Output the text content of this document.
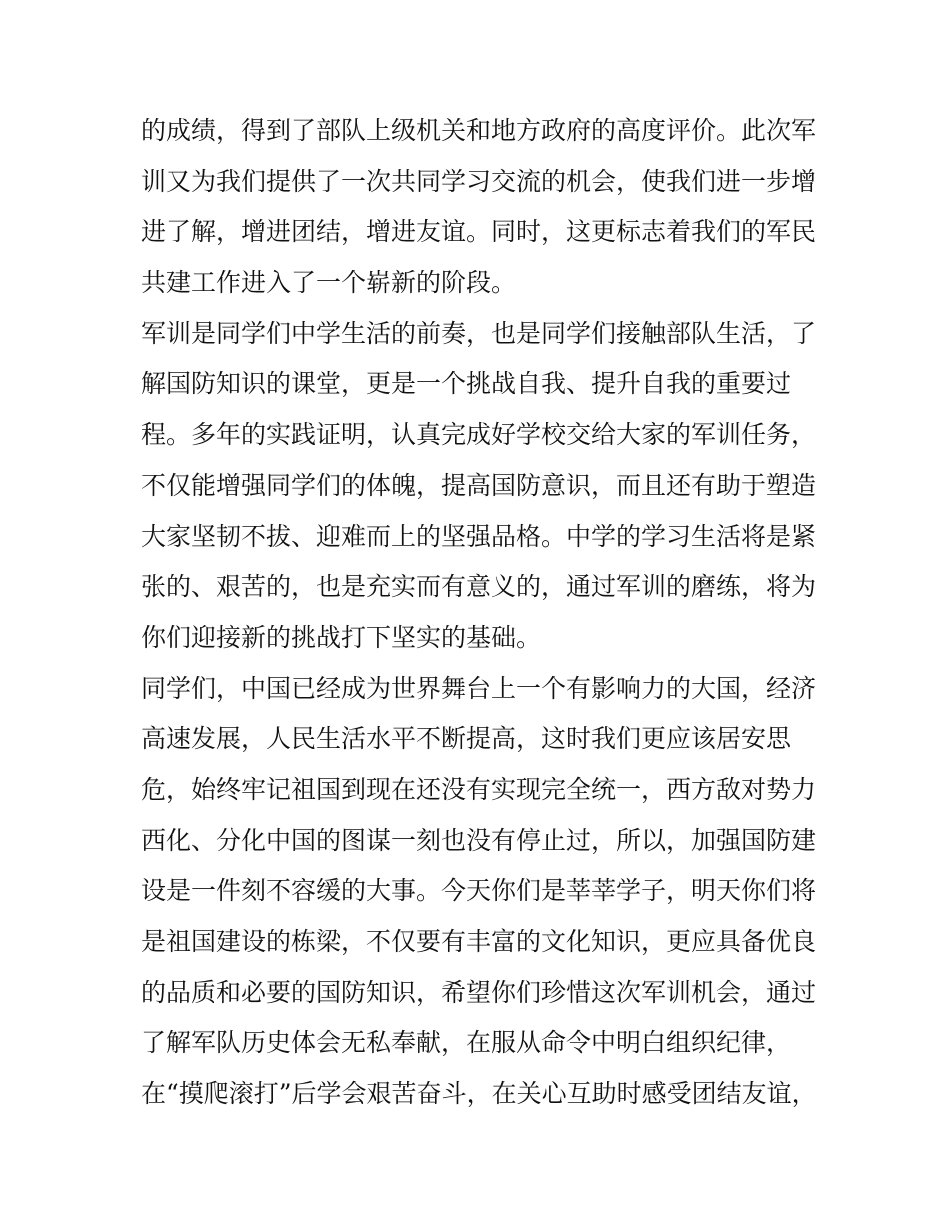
的成绩，得到了部队上级机关和地方政府的高度评价。此次军
训又为我们提供了一次共同学习交流的机会，使我们进一步增
进了解，增进团结，增进友谊。同时，这更标志着我们的军民
共建工作进入了一个崭新的阶段。
军训是同学们中学生活的前奏，也是同学们接触部队生活，了
解国防知识的课堂，更是一个挑战自我、提升自我的重要过
程。多年的实践证明，认真完成好学校交给大家的军训任务，
不仅能增强同学们的体魄，提高国防意识，而且还有助于塑造
大家坚韧不拔、迎难而上的坚强品格。中学的学习生活将是紧
张的、艰苦的，也是充实而有意义的，通过军训的磨练，将为
你们迎接新的挑战打下坚实的基础。
同学们，中国已经成为世界舞台上一个有影响力的大国，经济
高速发展，人民生活水平不断提高，这时我们更应该居安思
危，始终牢记祖国到现在还没有实现完全统一，西方敌对势力
西化、分化中国的图谋一刻也没有停止过，所以，加强国防建
设是一件刻不容缓的大事。今天你们是莘莘学子，明天你们将
是祖国建设的栋梁，不仅要有丰富的文化知识，更应具备优良
的品质和必要的国防知识，希望你们珍惜这次军训机会，通过
了解军队历史体会无私奉献，在服从命令中明白组织纪律，
在“摸爬滚打”后学会艰苦奋斗，在关心互助时感受团结友谊，
